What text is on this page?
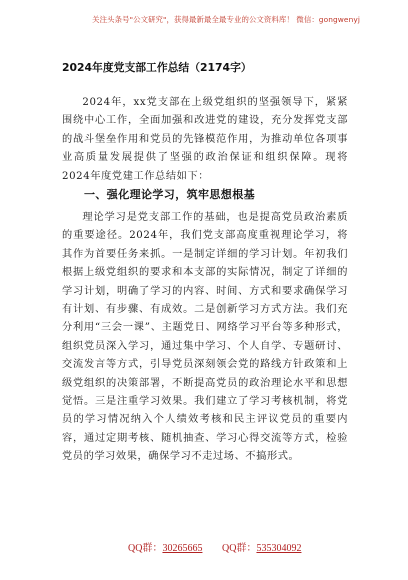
关注头条号"公文研究"，获得最新最全最专业的公文资料库！ 微信：gongwenyj
2024年度党支部工作总结（2174字）

2024年，xx党支部在上级党组织的坚强领导下，紧紧围绕中心工作，全面加强和改进党的建设，充分发挥党支部的战斗堡垒作用和党员的先锋模范作用，为推动单位各项事业高质量发展提供了坚强的政治保证和组织保障。现将2024年度党建工作总结如下：

一、强化理论学习，筑牢思想根基

理论学习是党支部工作的基础，也是提高党员政治素质的重要途径。2024年，我们党支部高度重视理论学习，将其作为首要任务来抓。一是制定详细的学习计划。年初我们根据上级党组织的要求和本支部的实际情况，制定了详细的学习计划，明确了学习的内容、时间、方式和要求确保学习有计划、有步骤、有成效。二是创新学习方式方法。我们充分利用“三会一课”、主题党日、网络学习平台等多种形式，组织党员深入学习，通过集中学习、个人自学、专题研讨、交流发言等方式，引导党员深刻领会党的路线方针政策和上级党组织的决策部署，不断提高党员的政治理论水平和思想觉悟。三是注重学习效果。我们建立了学习考核机制，将党员的学习情况纳入个人绩效考核和民主评议党员的重要内容，通过定期考核、随机抽查、学习心得交流等方式，检验党员的学习效果，确保学习不走过场、不搞形式。

QQ群：30265665 QQ群：535304092
